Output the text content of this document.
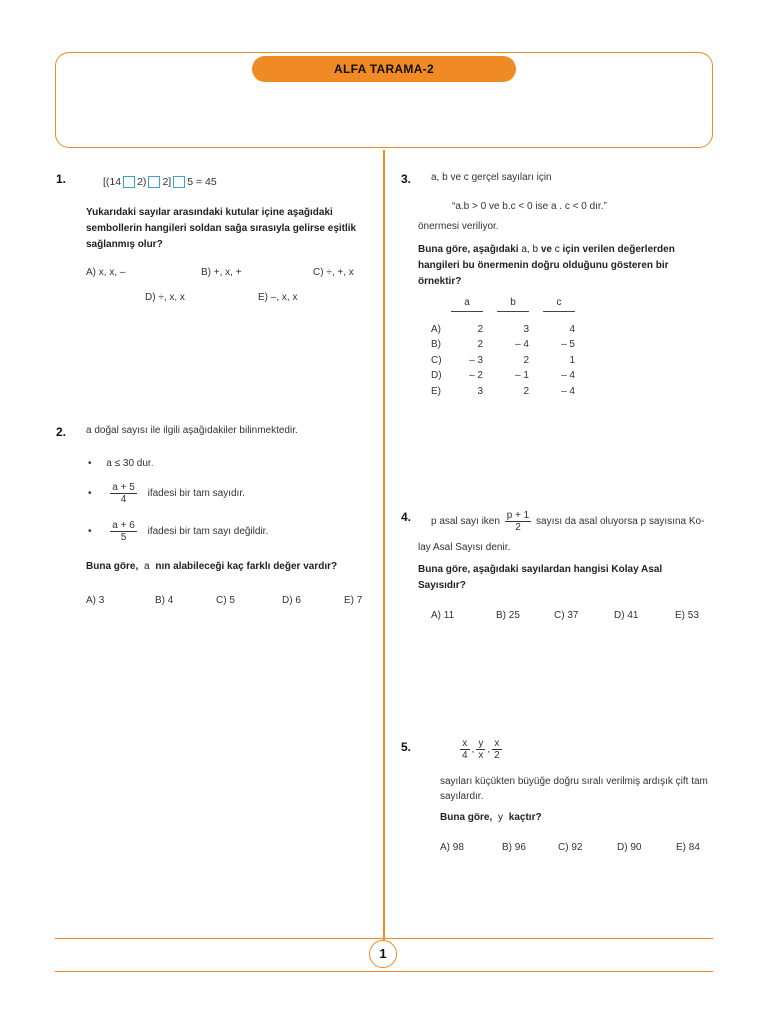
ALFA TARAMA-2
1
1.	[(14 2) 2] 5 = 45
Yukarıdaki sayılar arasındaki kutular içine aşağıdaki sembollerin hangileri soldan sağa sırasıyla gelirse eşitlik sağlanmış olur?
A) x, x, –	B) +, x, +	C) ÷, +, x
D) ÷, x, x	E) –, x, x
2. a doğal sayısı ile ilgili aşağıdakiler bilinmektedir.
• a ≤ 30 dur.
• $\frac{a + 5}{4}$ ifadesi bir tam sayıdır.
• $\frac{a + 6}{5}$ ifadesi bir tam sayı değildir.
Buna göre, a nın alabileceği kaç farklı değer vardır?
A) 3	B) 4	C) 5	D) 6	E) 7
3. a, b ve c gerçel sayıları için
“a.b > 0 ve b.c < 0 ise a . c < 0 dır.”
önermesi veriliyor.
Buna göre, aşağıdaki a, b ve c için verilen değerlerden hangileri bu önermenin doğru olduğunu gösteren bir örnektir?
	a		b		c

A)	2		3		4
B)	2		– 4		– 5
C)	– 3		2		1
D)	– 2		– 1		– 4
E)	3		2		– 4
4. p asal sayı iken $\frac{p + 1}{2}$ sayısı da asal oluyorsa p sayısına Ko-
lay Asal Sayısı denir.
Buna göre, aşağıdaki sayılardan hangisi Kolay Asal Sayısıdır?
A) 11	B) 25	C) 37	D) 41	E) 53
5.	$\frac{x}{4}$ , $\frac{y}{x}$ , $\frac{x}{2}$
sayıları küçükten büyüğe doğru sıralı verilmiş ardışık çift tam sayılardır.
Buna göre, y kaçtır?
A) 98	B) 96	C) 92	D) 90	E) 84
